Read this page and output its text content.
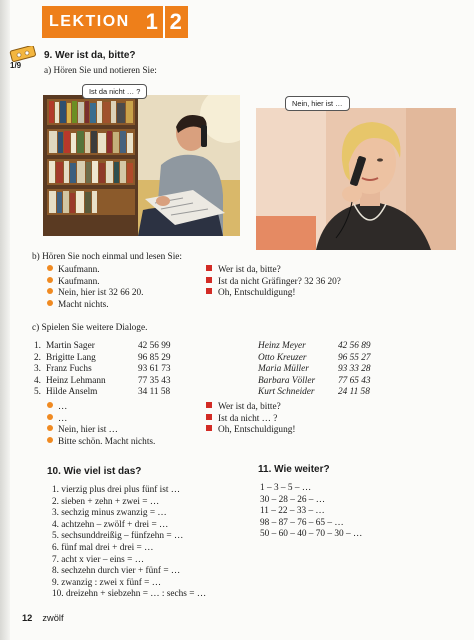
LEKTION 1 2
1/9
9. Wer ist da, bitte?
a) Hören Sie und notieren Sie:
Ist da nicht … ?
Nein, hier ist …
b) Hören Sie noch einmal und lesen Sie:
Kaufmann.
Kaufmann.
Nein, hier ist 32 66 20.
Macht nichts.
Wer ist da, bitte?
Ist da nicht Gräfinger? 32 36 20?
Oh, Entschuldigung!
c) Spielen Sie weitere Dialoge.
1. Martin Sager	42 56 99
2. Brigitte Lang	96 85 29
3. Franz Fuchs	93 61 73
4. Heinz Lehmann	77 35 43
5. Hilde Anselm	34 11 58
Heinz Meyer	42 56 89
Otto Kreuzer	96 55 27
Maria Müller	93 33 28
Barbara Völler 77 65 43
Kurt Schneider	24 11 58
…
…
Nein, hier ist …
Bitte schön. Macht nichts.
Wer ist da, bitte?
Ist da nicht … ?
Oh, Entschuldigung!
10. Wie viel ist das?
1. vierzig plus drei plus fünf ist …
2. sieben + zehn + zwei = …
3. sechzig minus zwanzig = …
4. achtzehn – zwölf + drei = …
5. sechsunddreißig – fünfzehn = …
6. fünf mal drei + drei = …
7. acht x vier – eins = …
8. sechzehn durch vier + fünf = …
9. zwanzig : zwei x fünf = …
10. dreizehn + siebzehn = … : sechs = …
11. Wie weiter?
1 – 3 – 5 – …
30 – 28 – 26 – …
11 – 22 – 33 – …
98 – 87 – 76 – 65 – …
50 – 60 – 40 – 70 – 30 – …
12 zwölf
